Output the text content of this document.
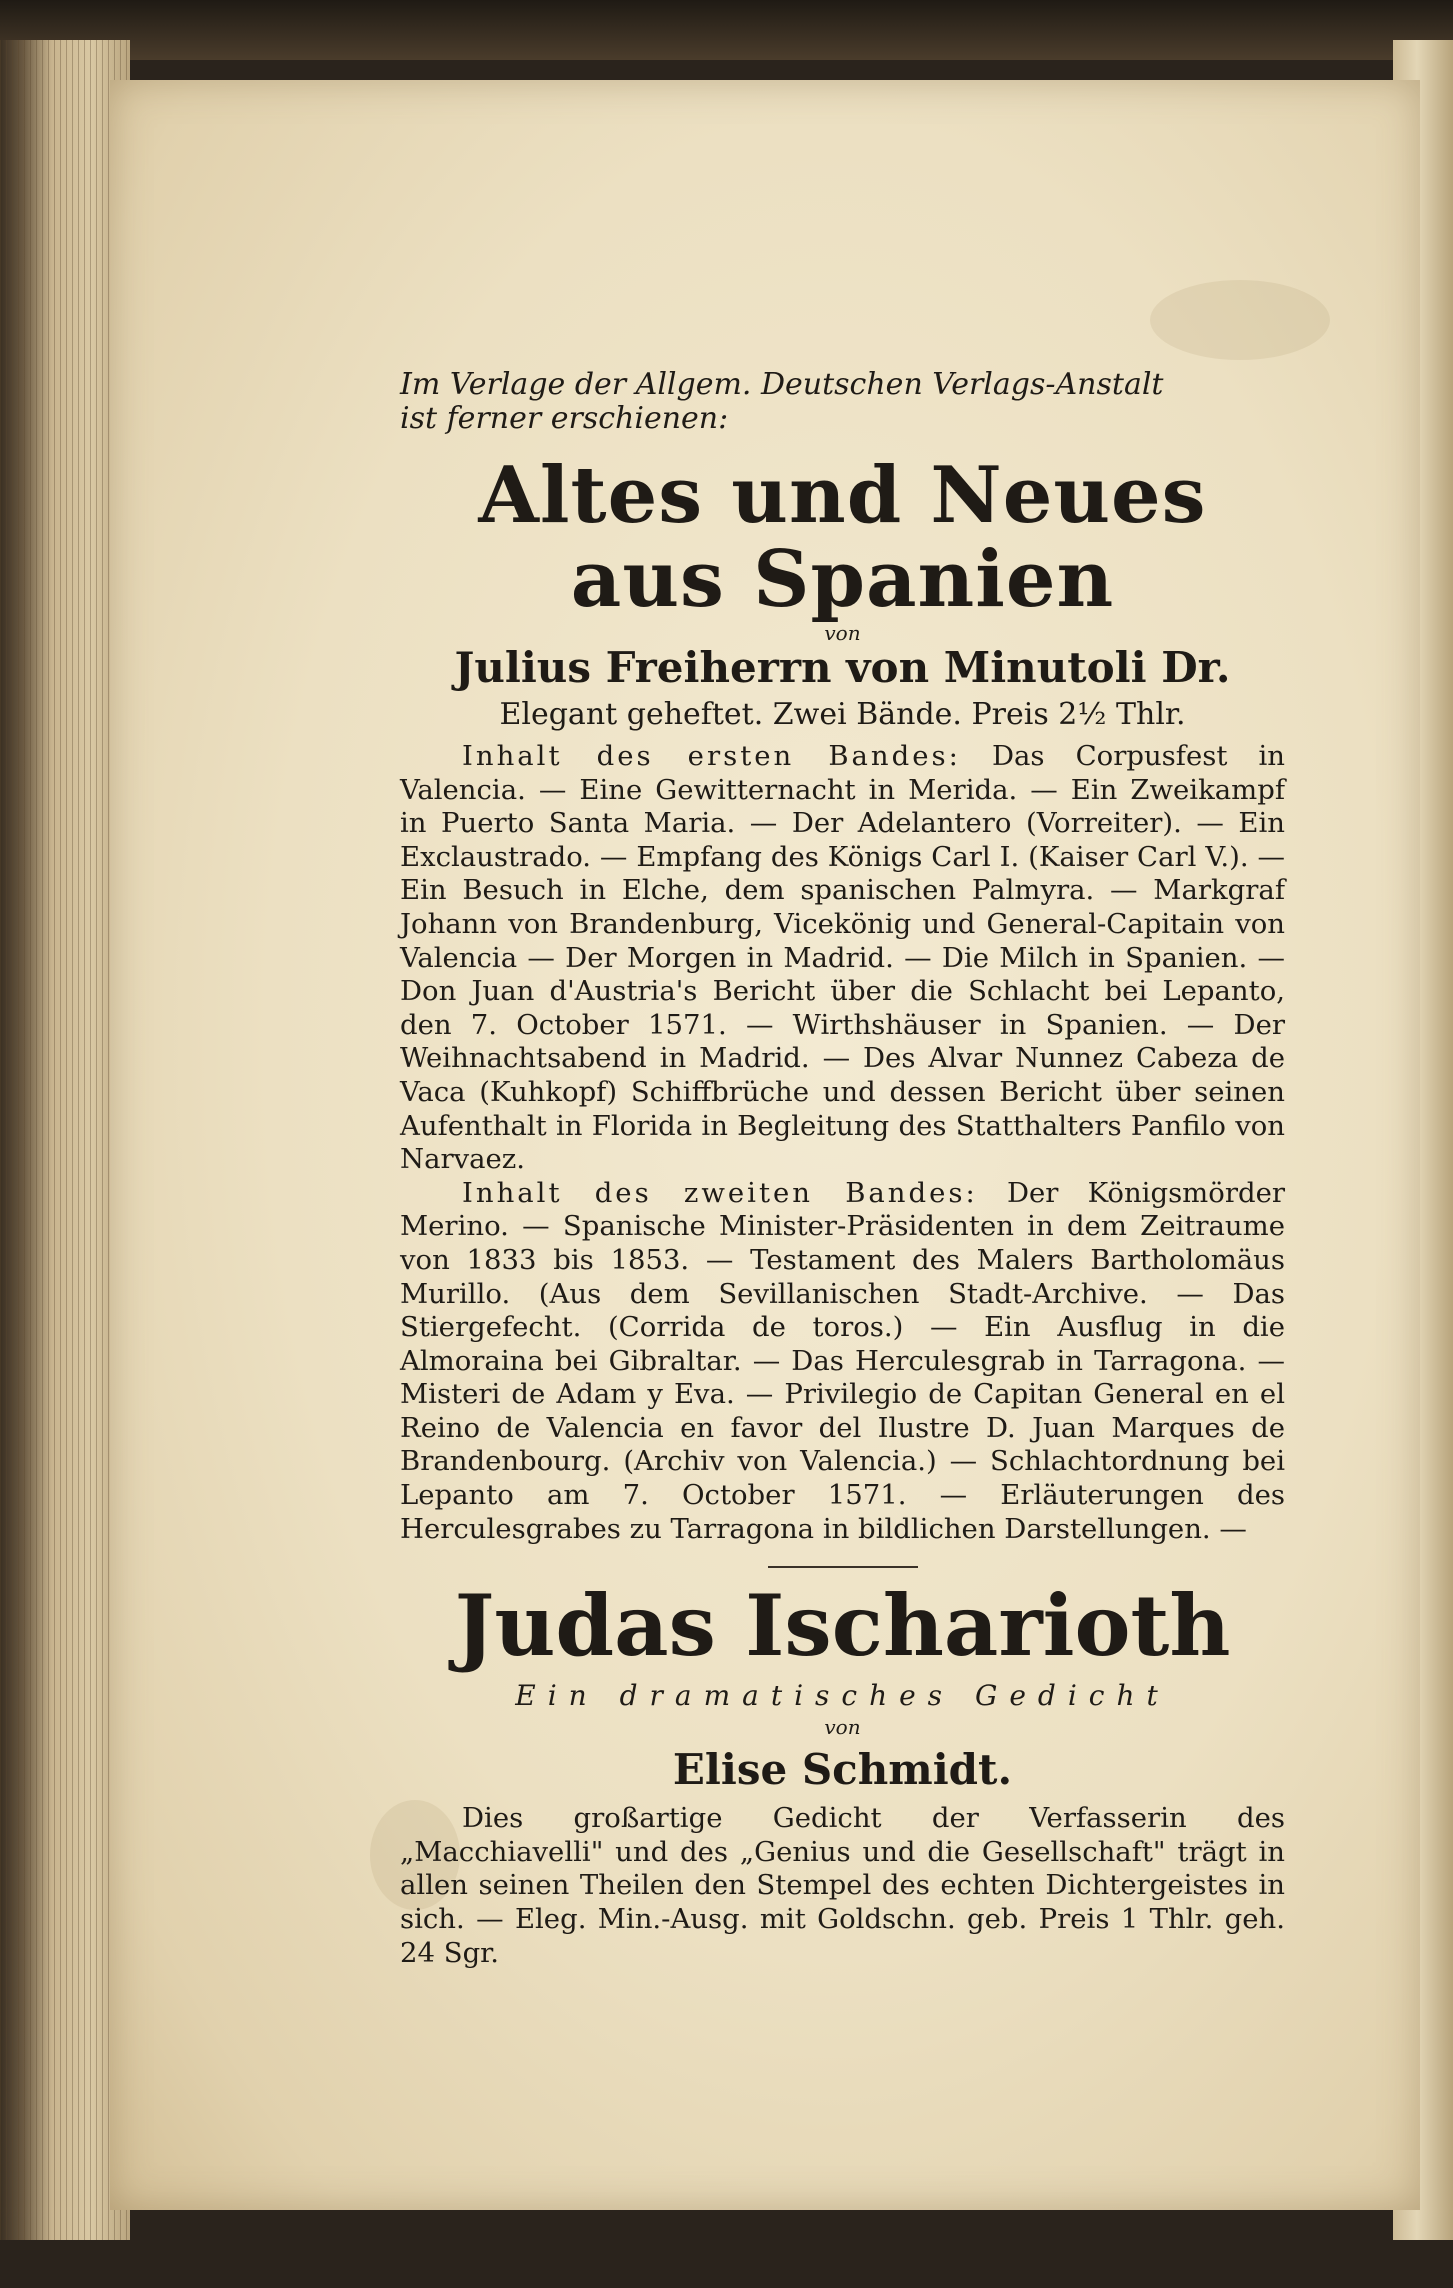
Im Verlage der Allgem. Deutschen Verlags-Anstalt
ist ferner erschienen:

Altes und Neues aus Spanien

von

Julius Freiherrn von Minutoli Dr.

Elegant geheftet. Zwei Bände. Preis 2½ Thlr.

Inhalt des ersten Bandes: Das Corpusfest in Valencia. — Eine Gewitternacht in Merida. — Ein Zweikampf in Puerto Santa Maria. — Der Adelantero (Vorreiter). — Ein Exclaustrado. — Empfang des Königs Carl I. (Kaiser Carl V.). — Ein Besuch in Elche, dem spanischen Palmyra. — Markgraf Johann von Brandenburg, Vicekönig und General-Capitain von Valencia — Der Morgen in Madrid. — Die Milch in Spanien. — Don Juan d'Austria's Bericht über die Schlacht bei Lepanto, den 7. October 1571. — Wirthshäuser in Spanien. — Der Weihnachtsabend in Madrid. — Des Alvar Nunnez Cabeza de Vaca (Kuhkopf) Schiffbrüche und dessen Bericht über seinen Aufenthalt in Florida in Begleitung des Statthalters Panfilo von Narvaez.

Inhalt des zweiten Bandes: Der Königsmörder Merino. — Spanische Minister-Präsidenten in dem Zeitraume von 1833 bis 1853. — Testament des Malers Bartholomäus Murillo. (Aus dem Sevillanischen Stadt-Archive. — Das Stiergefecht. (Corrida de toros.) — Ein Ausflug in die Almoraina bei Gibraltar. — Das Herculesgrab in Tarragona. — Misteri de Adam y Eva. — Privilegio de Capitan General en el Reino de Valencia en favor del Ilustre D. Juan Marques de Brandenbourg. (Archiv von Valencia.) — Schlachtordnung bei Lepanto am 7. October 1571. — Erläuterungen des Herculesgrabes zu Tarragona in bildlichen Darstellungen. —

Judas Ischarioth

Ein dramatisches Gedicht

von

Elise Schmidt.

Dies großartige Gedicht der Verfasserin des „Macchiavelli" und des „Genius und die Gesellschaft" trägt in allen seinen Theilen den Stempel des echten Dichtergeistes in sich. — Eleg. Min.-Ausg. mit Goldschn. geb. Preis 1 Thlr. geh. 24 Sgr.
